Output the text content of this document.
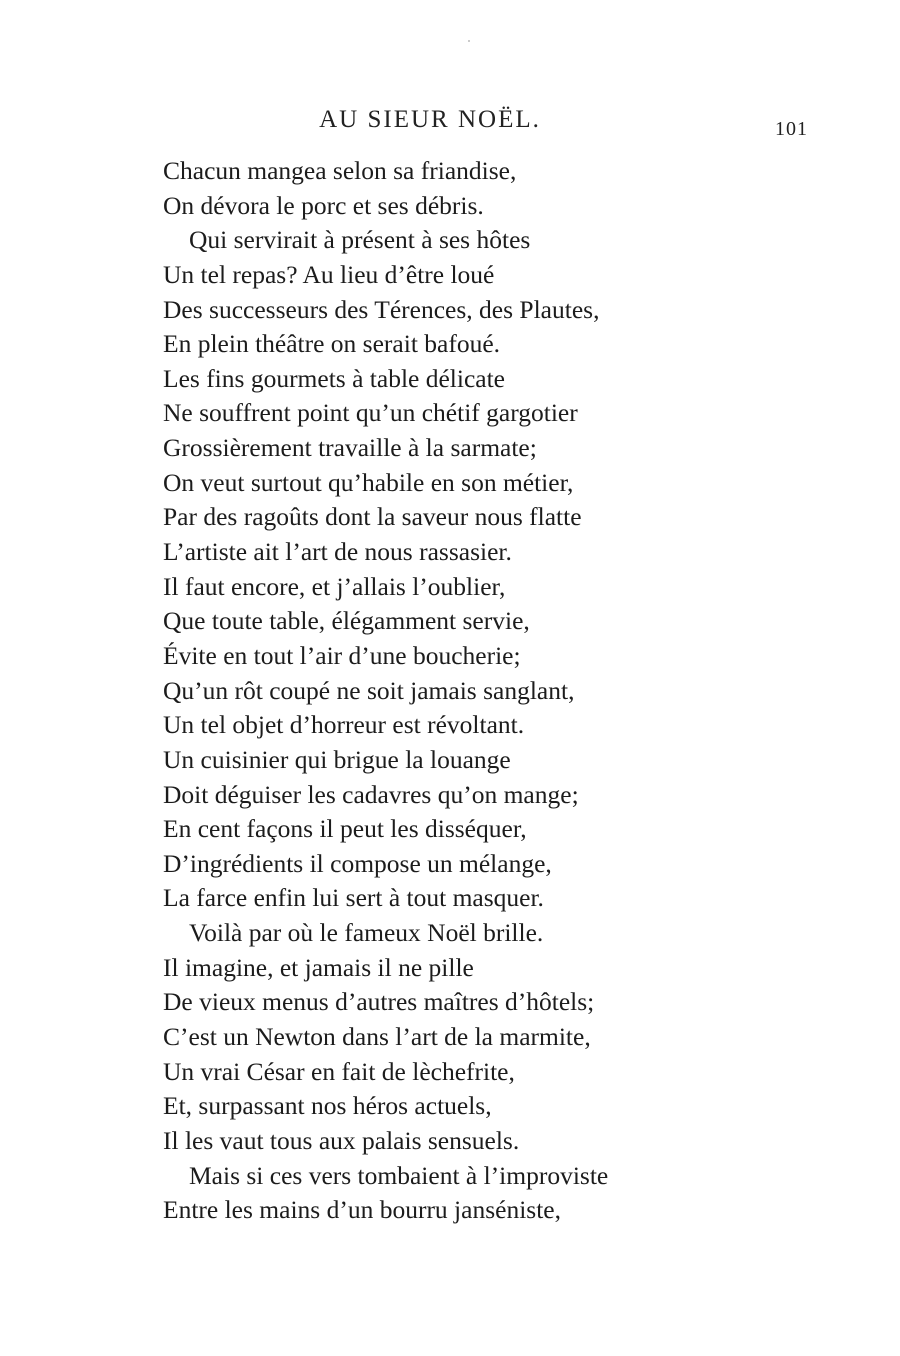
AU SIEUR NOËL.	101
Chacun mangea selon sa friandise,
On dévora le porc et ses débris.
Qui servirait à présent à ses hôtes
Un tel repas? Au lieu d’être loué
Des successeurs des Térences, des Plautes,
En plein théâtre on serait bafoué.
Les fins gourmets à table délicate
Ne souffrent point qu’un chétif gargotier
Grossièrement travaille à la sarmate;
On veut surtout qu’habile en son métier,
Par des ragoûts dont la saveur nous flatte
L’artiste ait l’art de nous rassasier.
Il faut encore, et j’allais l’oublier,
Que toute table, élégamment servie,
Évite en tout l’air d’une boucherie;
Qu’un rôt coupé ne soit jamais sanglant,
Un tel objet d’horreur est révoltant.
Un cuisinier qui brigue la louange
Doit déguiser les cadavres qu’on mange;
En cent façons il peut les disséquer,
D’ingrédients il compose un mélange,
La farce enfin lui sert à tout masquer.
Voilà par où le fameux Noël brille.
Il imagine, et jamais il ne pille
De vieux menus d’autres maîtres d’hôtels;
C’est un Newton dans l’art de la marmite,
Un vrai César en fait de lèchefrite,
Et, surpassant nos héros actuels,
Il les vaut tous aux palais sensuels.
Mais si ces vers tombaient à l’improviste
Entre les mains d’un bourru janséniste,
